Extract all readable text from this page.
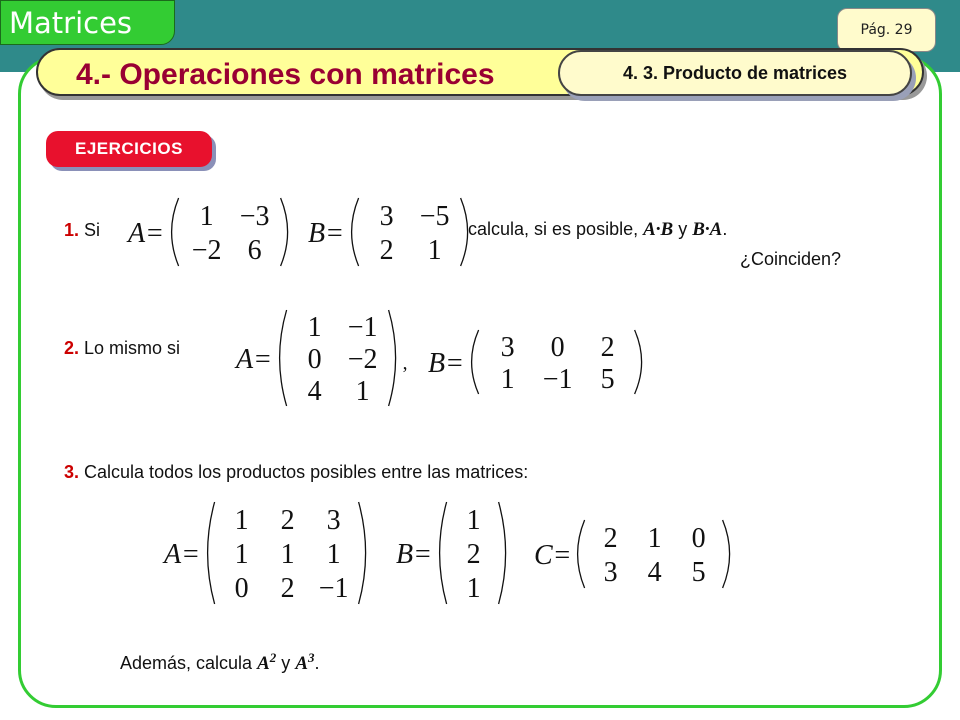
Matrices	Pág. 29
4.- Operaciones con matrices	4. 3. Producto de matrices
EJERCICIOS
1. Si A=
1 −3
−2 6
B=
3 −5
2 1
calcula, si es posible, A·B y B·A.
¿Coinciden?
2. Lo mismo si A=
1 −1
0 −2
4 1
, B=
3 0 2
1 −1 5
3. Calcula todos los productos posibles entre las matrices:
A=
1 2 3
1 1 1
0 2 −1
B=
1
2
1
C=
2 1 0
3 4 5
Además, calcula $A^2$ y $A^3$.
